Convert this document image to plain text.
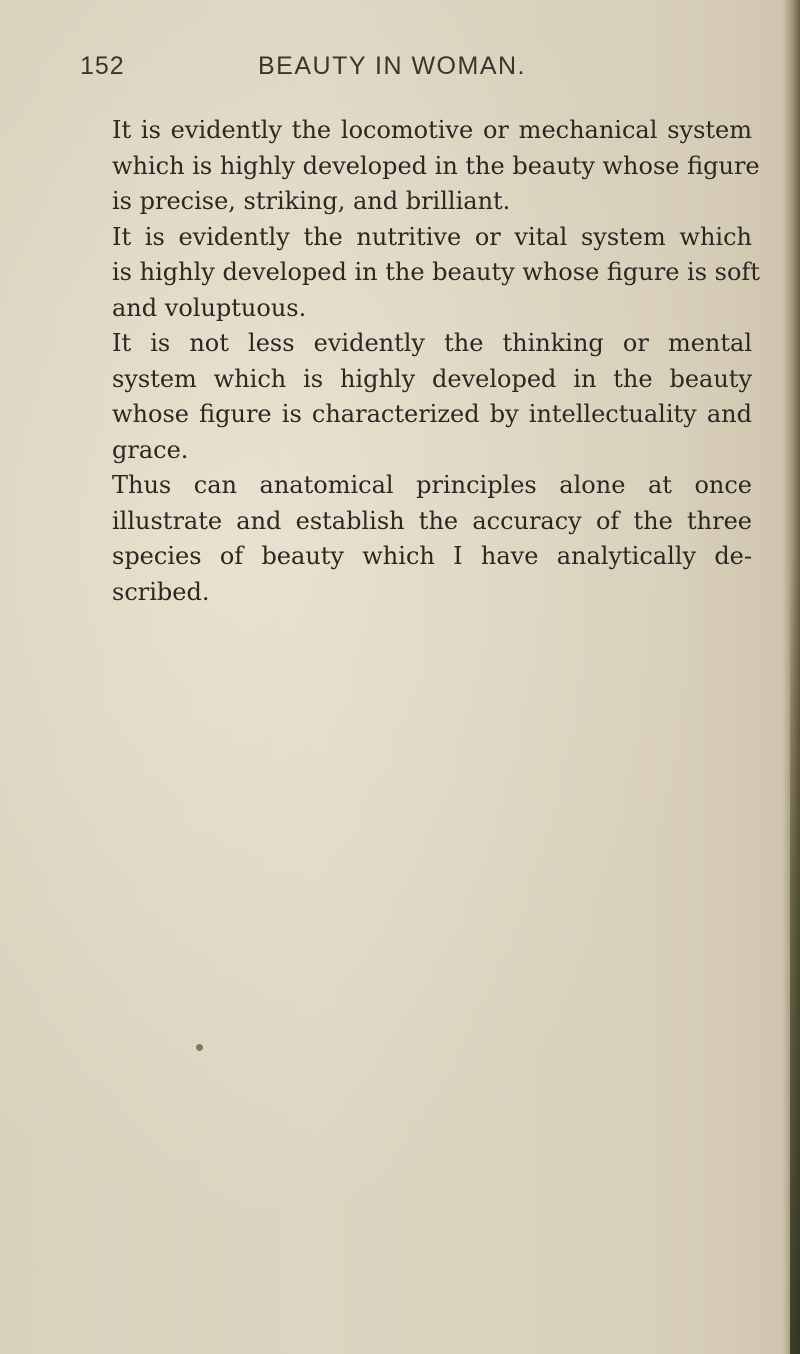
152	BEAUTY IN WOMAN.
It is evidently the locomotive or mechanical system
which is highly developed in the beauty whose figure
is precise, striking, and brilliant.
It is evidently the nutritive or vital system which
is highly developed in the beauty whose figure is soft
and voluptuous.
It is not less evidently the thinking or mental
system which is highly developed in the beauty
whose figure is characterized by intellectuality and
grace.
Thus can anatomical principles alone at once
illustrate and establish the accuracy of the three
species of beauty which I have analytically de-
scribed.
